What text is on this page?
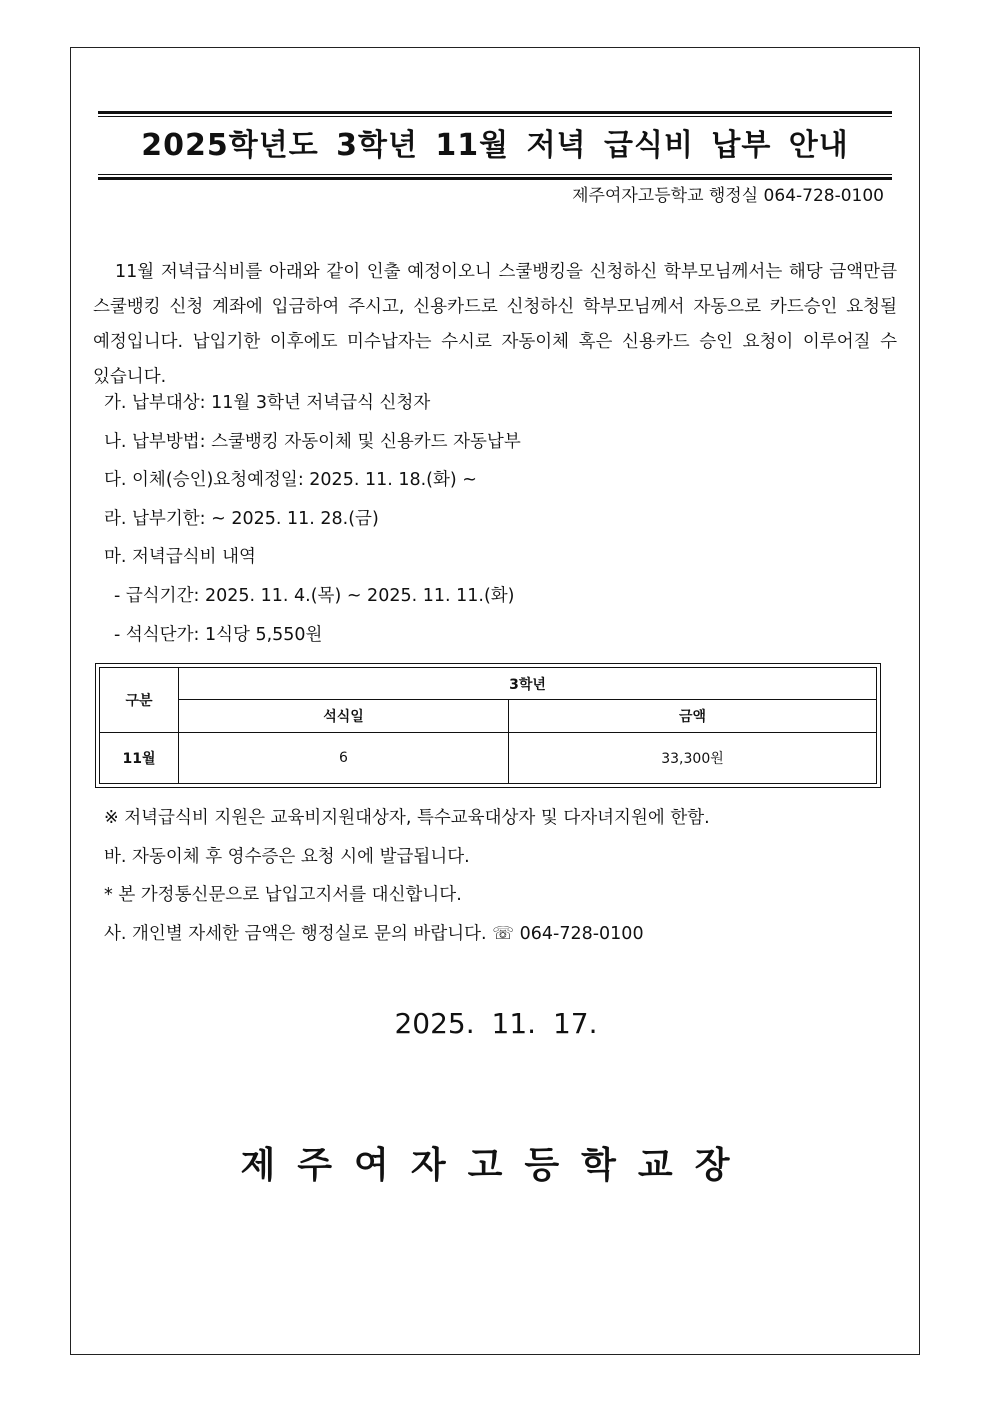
2025학년도 3학년 11월 저녁 급식비 납부 안내
제주여자고등학교 행정실 064-728-0100
11월 저녁급식비를 아래와 같이 인출 예정이오니 스쿨뱅킹을 신청하신 학부모님께서는 해당 금액만큼 스쿨뱅킹 신청 계좌에 입금하여 주시고, 신용카드로 신청하신 학부모님께서 자동으로 카드승인 요청될 예정입니다. 납입기한 이후에도 미수납자는 수시로 자동이체 혹은 신용카드 승인 요청이 이루어질 수 있습니다.
가. 납부대상: 11월 3학년 저녁급식 신청자
나. 납부방법: 스쿨뱅킹 자동이체 및 신용카드 자동납부
다. 이체(승인)요청예정일: 2025. 11. 18.(화) ~
라. 납부기한: ~ 2025. 11. 28.(금)
마. 저녁급식비 내역
- 급식기간: 2025. 11. 4.(목) ~ 2025. 11. 11.(화)
- 석식단가: 1식당 5,550원
구분	3학년	
	석식일	금액
11월	6	33,300원
※ 저녁급식비 지원은 교육비지원대상자, 특수교육대상자 및 다자녀지원에 한함.
바. 자동이체 후 영수증은 요청 시에 발급됩니다.
* 본 가정통신문으로 납입고지서를 대신합니다.
사. 개인별 자세한 금액은 행정실로 문의 바랍니다. ☏ 064-728-0100
2025. 11. 17.
제주여자고등학교장
